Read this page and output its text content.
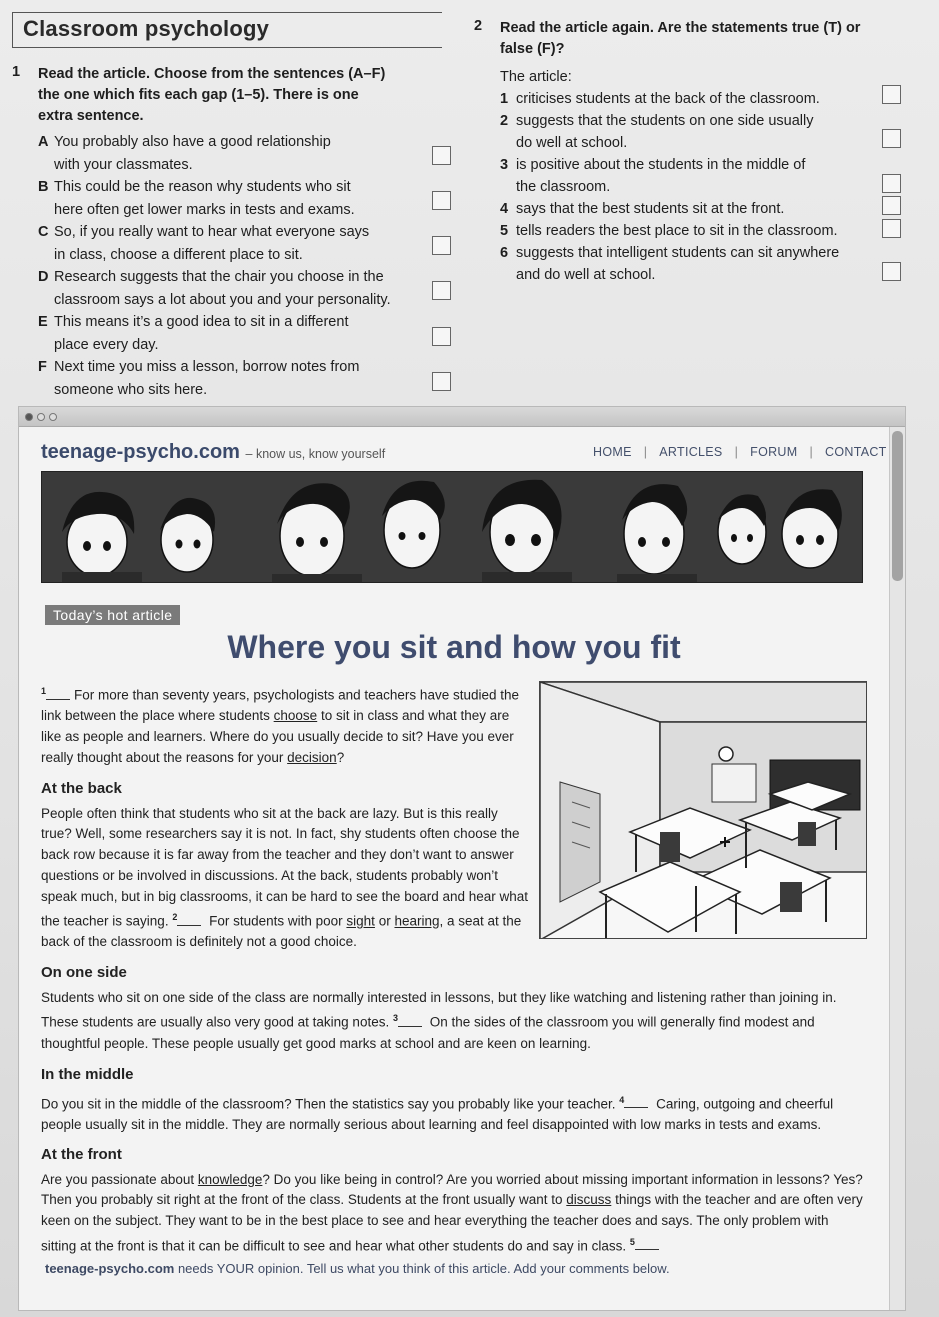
Classroom psychology
1 Read the article. Choose from the sentences (A–F) the one which fits each gap (1–5). There is one extra sentence.
A You probably also have a good relationship
with your classmates.
B This could be the reason why students who sit
here often get lower marks in tests and exams.
C So, if you really want to hear what everyone says
in class, choose a different place to sit.
D Research suggests that the chair you choose in the
classroom says a lot about you and your personality.
E This means it’s a good idea to sit in a different
place every day.
F Next time you miss a lesson, borrow notes from
someone who sits here.
2 Read the article again. Are the statements true (T) or false (F)?
The article:
1 criticises students at the back of the classroom.
2 suggests that the students on one side usually
do well at school.
3 is positive about the students in the middle of
the classroom.
4 says that the best students sit at the front.
5 tells readers the best place to sit in the classroom.
6 suggests that intelligent students can sit anywhere
and do well at school.
teenage-psycho.com – know us, know yourself	HOME | ARTICLES | FORUM | CONTACT
Today’s hot article
Where you sit and how you fit
$^1$ For more than seventy years, psychologists and teachers have studied the link between the place where students choose to sit in class and what they are like as people and learners. Where do you usually decide to sit? Have you ever really thought about the reasons for your decision?
At the back
People often think that students who sit at the back are lazy. But is this really true? Well, some researchers say it is not. In fact, shy students often choose the back row because it is far away from the teacher and they don’t want to answer questions or be involved in discussions. At the back, students probably won’t speak much, but in big classrooms, it can be hard to see the board and hear what the teacher is saying. $^2$ For students with poor sight or hearing, a seat at the back of the classroom is definitely not a good choice.
On one side
Students who sit on one side of the class are normally interested in lessons, but they like watching and listening rather than joining in. These students are usually also very good at taking notes. $^3$ On the sides of the classroom you will generally find modest and thoughtful people. These people usually get good marks at school and are keen on learning.
In the middle
Do you sit in the middle of the classroom? Then the statistics say you probably like your teacher. $^4$ Caring, outgoing and cheerful people usually sit in the middle. They are normally serious about learning and feel disappointed with low marks in tests and exams.
At the front
Are you passionate about knowledge? Do you like being in control? Are you worried about missing important information in lessons? Yes? Then you probably sit right at the front of the class. Students at the front usually want to discuss things with the teacher and are often very keen on the subject. They want to be in the best place to see and hear everything the teacher does and says. The only problem with sitting at the front is that it can be difficult to see and hear what other students do and say in class. $^5$
teenage-psycho.com needs YOUR opinion. Tell us what you think of this article. Add your comments below.
